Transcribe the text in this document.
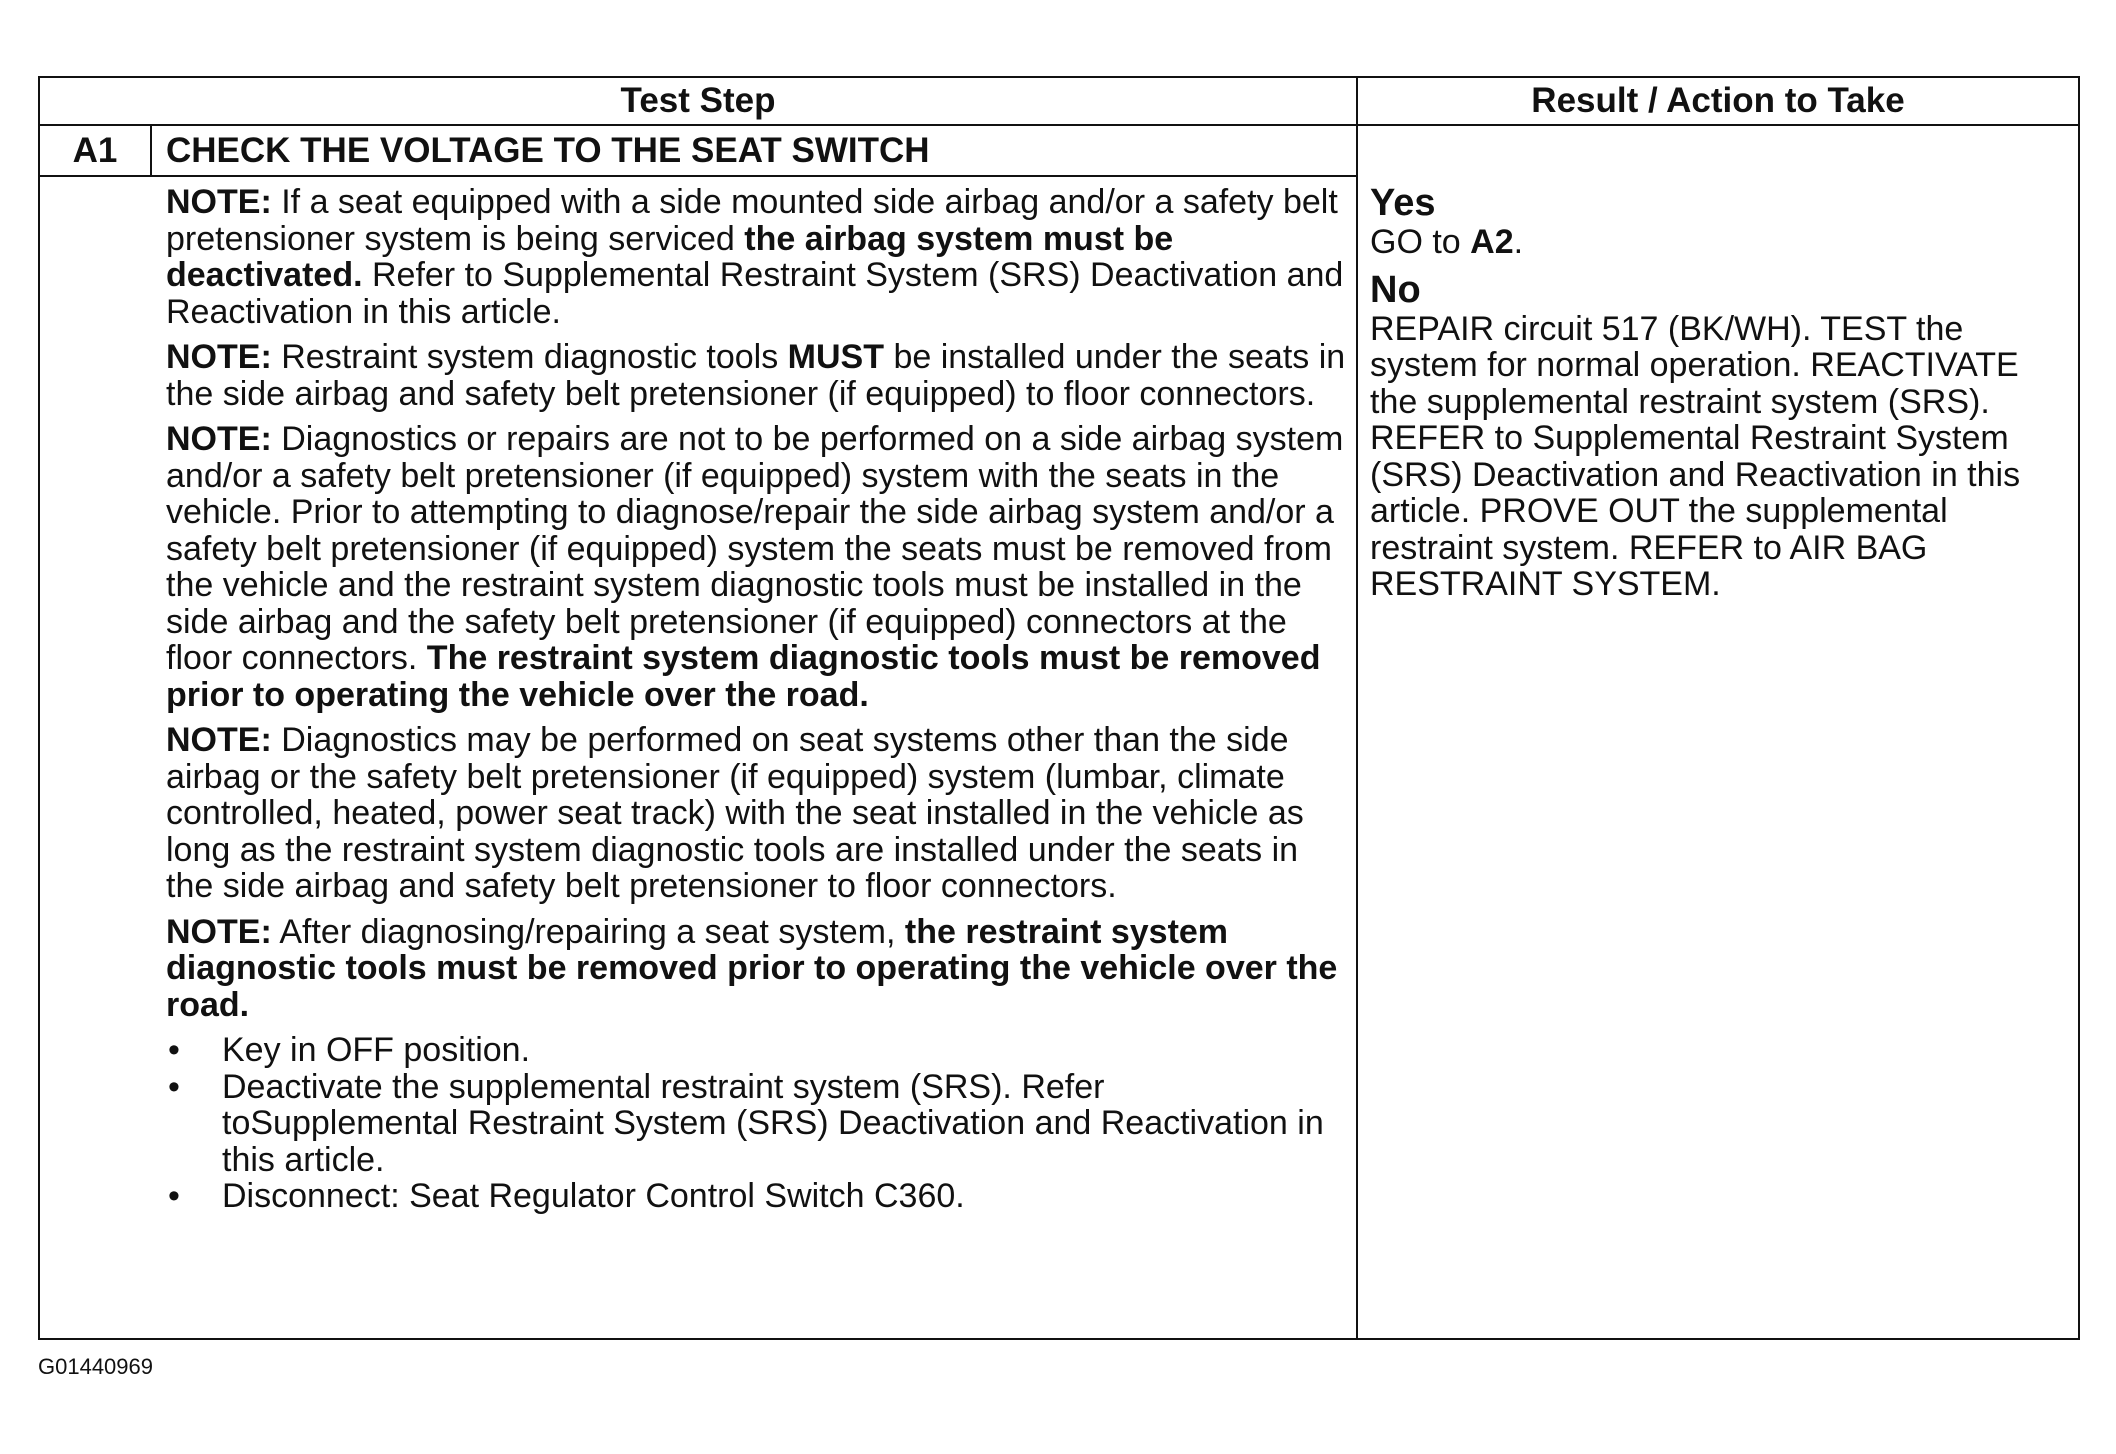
Test Step	Result / Action to Take
A1	CHECK THE VOLTAGE TO THE SEAT SWITCH

NOTE: If a seat equipped with a side mounted side airbag and/or a safety belt pretensioner system is being serviced the airbag system must be deactivated. Refer to Supplemental Restraint System (SRS) Deactivation and Reactivation in this article.

NOTE: Restraint system diagnostic tools MUST be installed under the seats in the side airbag and safety belt pretensioner (if equipped) to floor connectors.

NOTE: Diagnostics or repairs are not to be performed on a side airbag system and/or a safety belt pretensioner (if equipped) system with the seats in the vehicle. Prior to attempting to diagnose/repair the side airbag system and/or a safety belt pretensioner (if equipped) system the seats must be removed from the vehicle and the restraint system diagnostic tools must be installed in the side airbag and the safety belt pretensioner (if equipped) connectors at the floor connectors. The restraint system diagnostic tools must be removed prior to operating the vehicle over the road.

NOTE: Diagnostics may be performed on seat systems other than the side airbag or the safety belt pretensioner (if equipped) system (lumbar, climate controlled, heated, power seat track) with the seat installed in the vehicle as long as the restraint system diagnostic tools are installed under the seats in the side airbag and safety belt pretensioner to floor connectors.

NOTE: After diagnosing/repairing a seat system, the restraint system diagnostic tools must be removed prior to operating the vehicle over the road.

• Key in OFF position.
• Deactivate the supplemental restraint system (SRS). Refer toSupplemental Restraint System (SRS) Deactivation and Reactivation in this article.
• Disconnect: Seat Regulator Control Switch C360.

Yes

GO to A2.

No

REPAIR circuit 517 (BK/WH). TEST the system for normal operation. REACTIVATE the supplemental restraint system (SRS). REFER to Supplemental Restraint System (SRS) Deactivation and Reactivation in this article. PROVE OUT the supplemental restraint system. REFER to AIR BAG RESTRAINT SYSTEM.

G01440969
